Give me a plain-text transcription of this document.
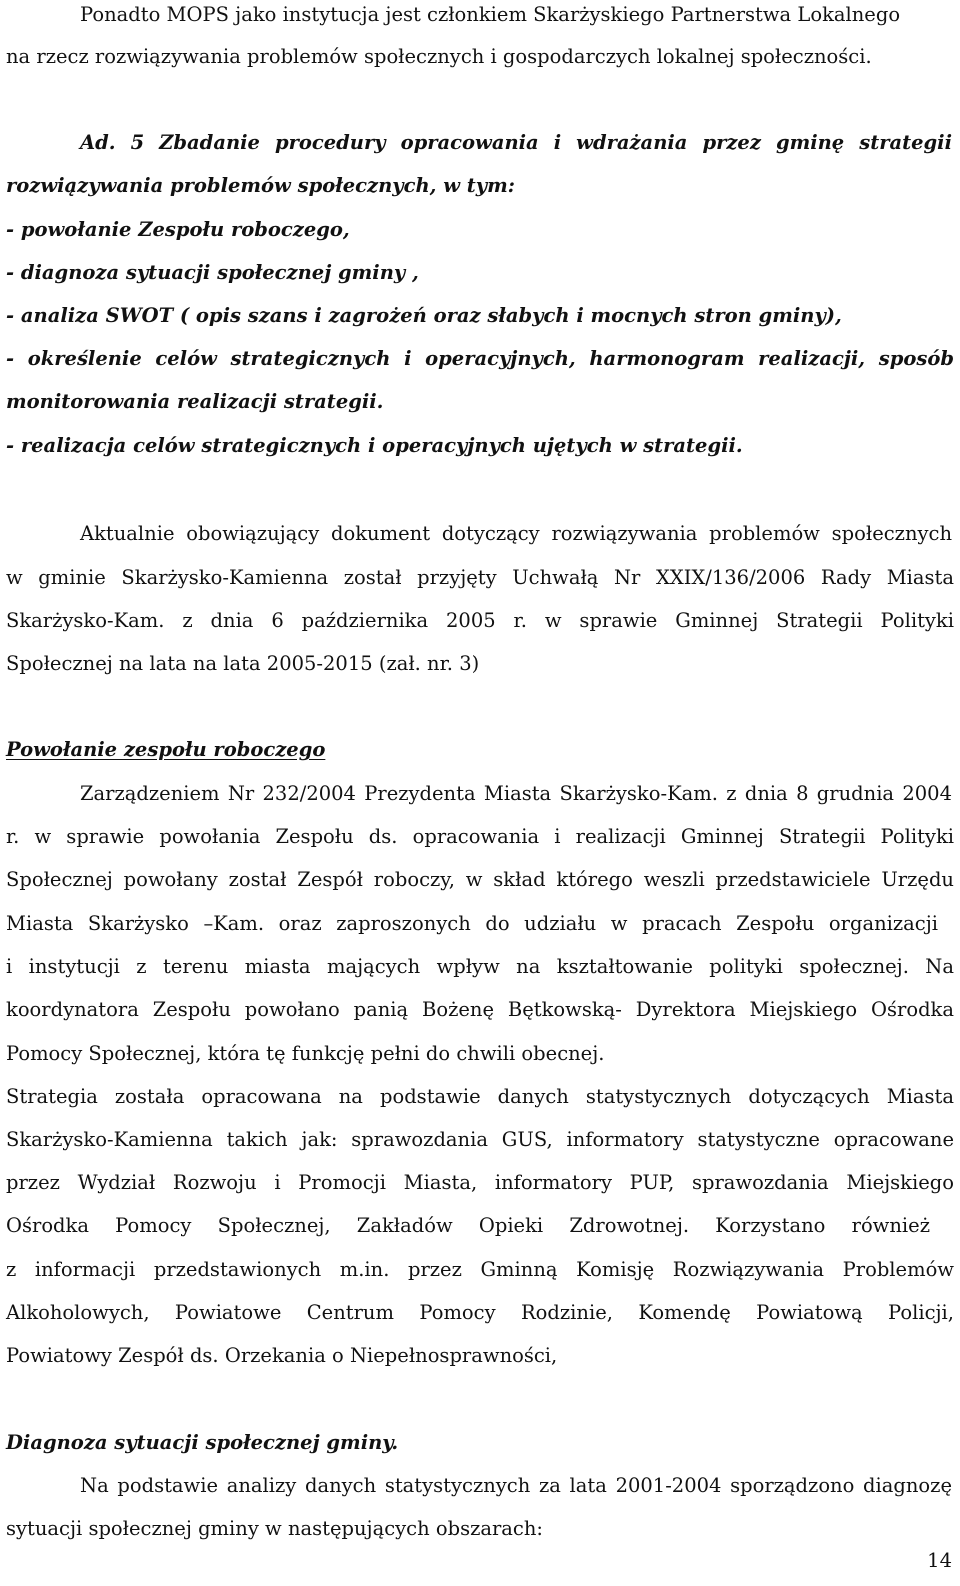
Ponadto MOPS jako instytucja jest członkiem Skarżyskiego Partnerstwa Lokalnego
na rzecz rozwiązywania problemów społecznych i gospodarczych lokalnej społeczności.
Ad. 5 Zbadanie procedury opracowania i wdrażania przez gminę strategii
rozwiązywania problemów społecznych, w tym:
- powołanie Zespołu roboczego,
- diagnoza sytuacji społecznej gminy ,
- analiza SWOT ( opis szans i zagrożeń oraz słabych i mocnych stron gminy),
- określenie celów strategicznych i operacyjnych, harmonogram realizacji, sposób
monitorowania realizacji strategii.
- realizacja celów strategicznych i operacyjnych ujętych w strategii.
Aktualnie obowiązujący dokument dotyczący rozwiązywania problemów społecznych
w gminie Skarżysko-Kamienna został przyjęty Uchwałą Nr XXIX/136/2006 Rady Miasta
Skarżysko-Kam. z dnia 6 października 2005 r. w sprawie Gminnej Strategii Polityki
Społecznej na lata na lata 2005-2015 (zał. nr. 3)
Powołanie zespołu roboczego
Zarządzeniem Nr 232/2004 Prezydenta Miasta Skarżysko-Kam. z dnia 8 grudnia 2004
r. w sprawie powołania Zespołu ds. opracowania i realizacji Gminnej Strategii Polityki
Społecznej powołany został Zespół roboczy, w skład którego weszli przedstawiciele Urzędu
Miasta Skarżysko –Kam. oraz zaproszonych do udziału w pracach Zespołu organizacji
i instytucji z terenu miasta mających wpływ na kształtowanie polityki społecznej. Na
koordynatora Zespołu powołano panią Bożenę Bętkowską- Dyrektora Miejskiego Ośrodka
Pomocy Społecznej, która tę funkcję pełni do chwili obecnej.
Strategia została opracowana na podstawie danych statystycznych dotyczących Miasta
Skarżysko-Kamienna takich jak: sprawozdania GUS, informatory statystyczne opracowane
przez Wydział Rozwoju i Promocji Miasta, informatory PUP, sprawozdania Miejskiego
Ośrodka Pomocy Społecznej, Zakładów Opieki Zdrowotnej. Korzystano również
z informacji przedstawionych m.in. przez Gminną Komisję Rozwiązywania Problemów
Alkoholowych, Powiatowe Centrum Pomocy Rodzinie, Komendę Powiatową Policji,
Powiatowy Zespół ds. Orzekania o Niepełnosprawności,
Diagnoza sytuacji społecznej gminy.
Na podstawie analizy danych statystycznych za lata 2001-2004 sporządzono diagnozę
sytuacji społecznej gminy w następujących obszarach:
14
